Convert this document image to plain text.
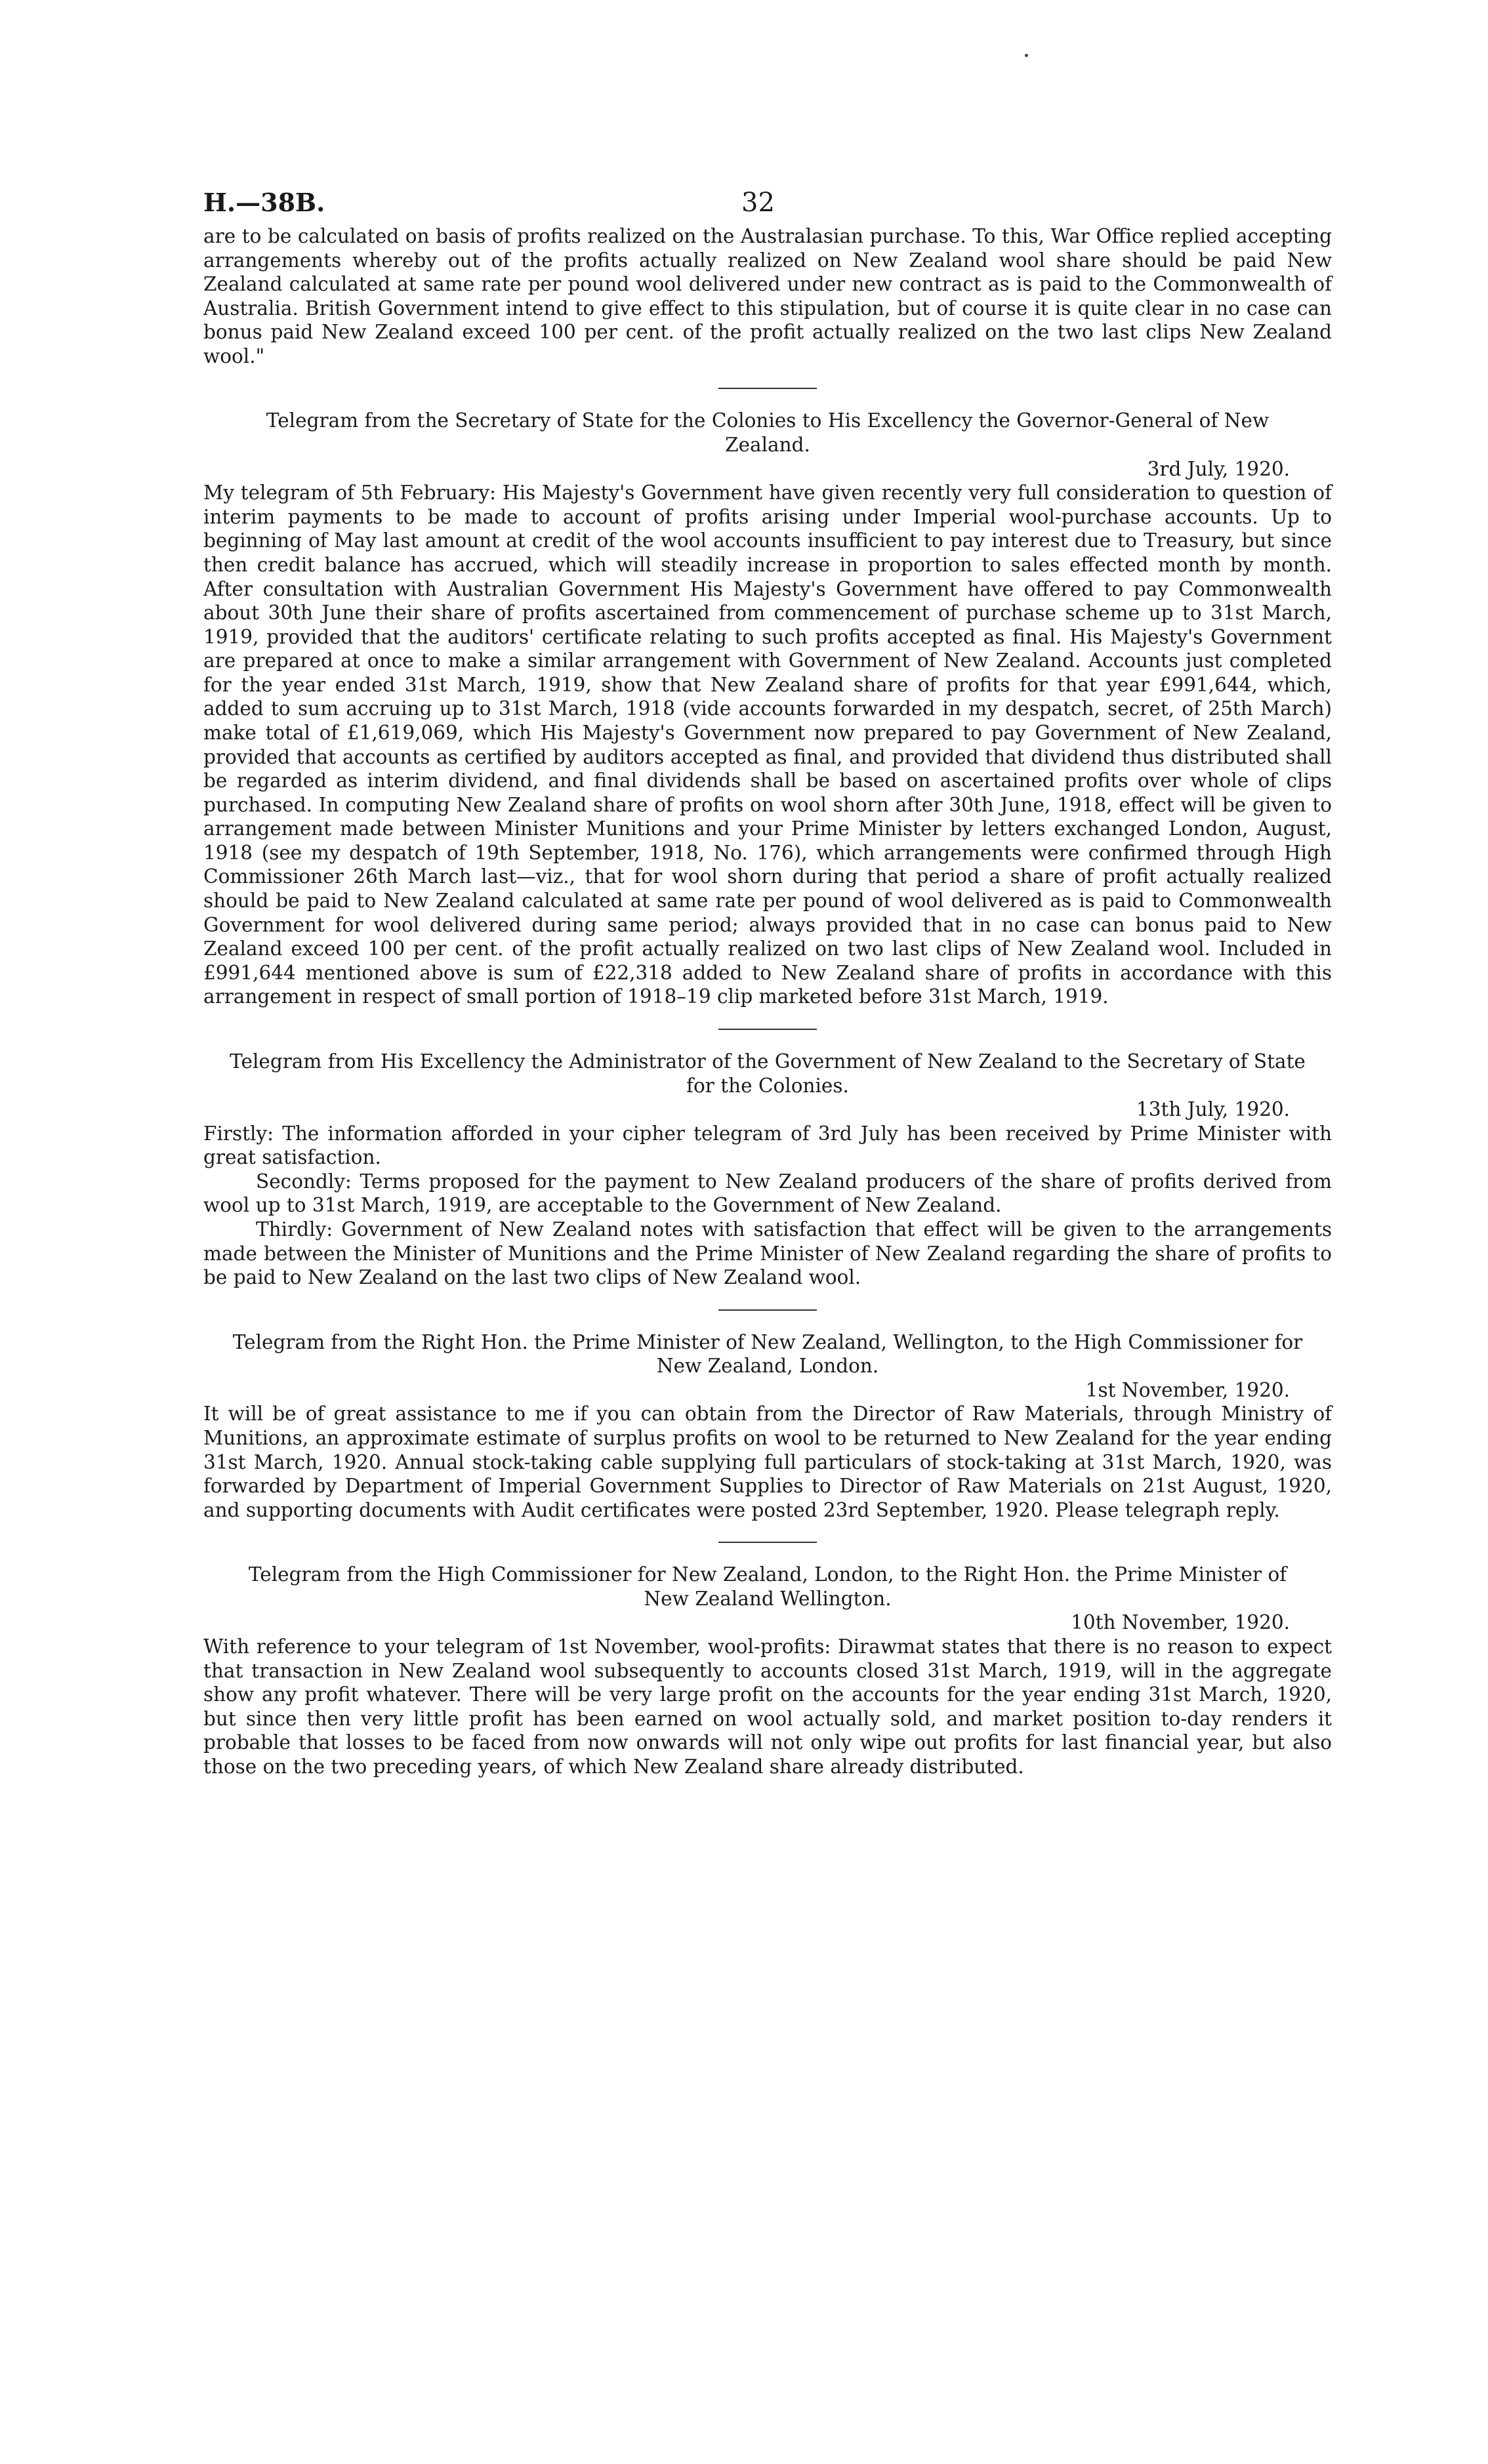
H.—38B.	32

are to be calculated on basis of profits realized on the Australasian purchase. To this, War Office replied accepting arrangements whereby out of the profits actually realized on New Zealand wool share should be paid New Zealand calculated at same rate per pound wool delivered under new contract as is paid to the Commonwealth of Australia. British Government intend to give effect to this stipulation, but of course it is quite clear in no case can bonus paid New Zealand exceed 100 per cent. of the profit actually realized on the two last clips New Zealand wool."

Telegram from the Secretary of State for the Colonies to His Excellency the Governor-General of New Zealand.
3rd July, 1920.

My telegram of 5th February: His Majesty's Government have given recently very full consideration to question of interim payments to be made to account of profits arising under Imperial wool-purchase accounts. Up to beginning of May last amount at credit of the wool accounts insufficient to pay interest due to Treasury, but since then credit balance has accrued, which will steadily increase in proportion to sales effected month by month. After consultation with Australian Government His Majesty's Government have offered to pay Commonwealth about 30th June their share of profits ascertained from commencement of purchase scheme up to 31st March, 1919, provided that the auditors' certificate relating to such profits accepted as final. His Majesty's Government are prepared at once to make a similar arrangement with Government of New Zealand. Accounts just completed for the year ended 31st March, 1919, show that New Zealand share of profits for that year £991,644, which, added to sum accruing up to 31st March, 1918 (vide accounts forwarded in my despatch, secret, of 25th March) make total of £1,619,069, which His Majesty's Government now prepared to pay Government of New Zealand, provided that accounts as certified by auditors accepted as final, and provided that dividend thus distributed shall be regarded as interim dividend, and final dividends shall be based on ascertained profits over whole of clips purchased. In computing New Zealand share of profits on wool shorn after 30th June, 1918, effect will be given to arrangement made between Minister Munitions and your Prime Minister by letters exchanged London, August, 1918 (see my despatch of 19th September, 1918, No. 176), which arrangements were confirmed through High Commissioner 26th March last—viz., that for wool shorn during that period a share of profit actually realized should be paid to New Zealand calculated at same rate per pound of wool delivered as is paid to Commonwealth Government for wool delivered during same period; always provided that in no case can bonus paid to New Zealand exceed 100 per cent. of the profit actually realized on two last clips of New Zealand wool. Included in £991,644 mentioned above is sum of £22,318 added to New Zealand share of profits in accordance with this arrangement in respect of small portion of 1918–19 clip marketed before 31st March, 1919.

Telegram from His Excellency the Administrator of the Government of New Zealand to the Secretary of State for the Colonies.
13th July, 1920.

Firstly: The information afforded in your cipher telegram of 3rd July has been received by Prime Minister with great satisfaction.

Secondly: Terms proposed for the payment to New Zealand producers of the share of profits derived from wool up to 31st March, 1919, are acceptable to the Government of New Zealand.

Thirdly: Government of New Zealand notes with satisfaction that effect will be given to the arrangements made between the Minister of Munitions and the Prime Minister of New Zealand regarding the share of profits to be paid to New Zealand on the last two clips of New Zealand wool.

Telegram from the Right Hon. the Prime Minister of New Zealand, Wellington, to the High Commissioner for New Zealand, London.
1st November, 1920.

It will be of great assistance to me if you can obtain from the Director of Raw Materials, through Ministry of Munitions, an approximate estimate of surplus profits on wool to be returned to New Zealand for the year ending 31st March, 1920. Annual stock-taking cable supplying full particulars of stock-taking at 31st March, 1920, was forwarded by Department of Imperial Government Supplies to Director of Raw Materials on 21st August, 1920, and supporting documents with Audit certificates were posted 23rd September, 1920. Please telegraph reply.

Telegram from the High Commissioner for New Zealand, London, to the Right Hon. the Prime Minister of New Zealand Wellington.
10th November, 1920.

With reference to your telegram of 1st November, wool-profits: Dirawmat states that there is no reason to expect that transaction in New Zealand wool subsequently to accounts closed 31st March, 1919, will in the aggregate show any profit whatever. There will be very large profit on the accounts for the year ending 31st March, 1920, but since then very little profit has been earned on wool actually sold, and market position to-day renders it probable that losses to be faced from now onwards will not only wipe out profits for last financial year, but also those on the two preceding years, of which New Zealand share already distributed.
